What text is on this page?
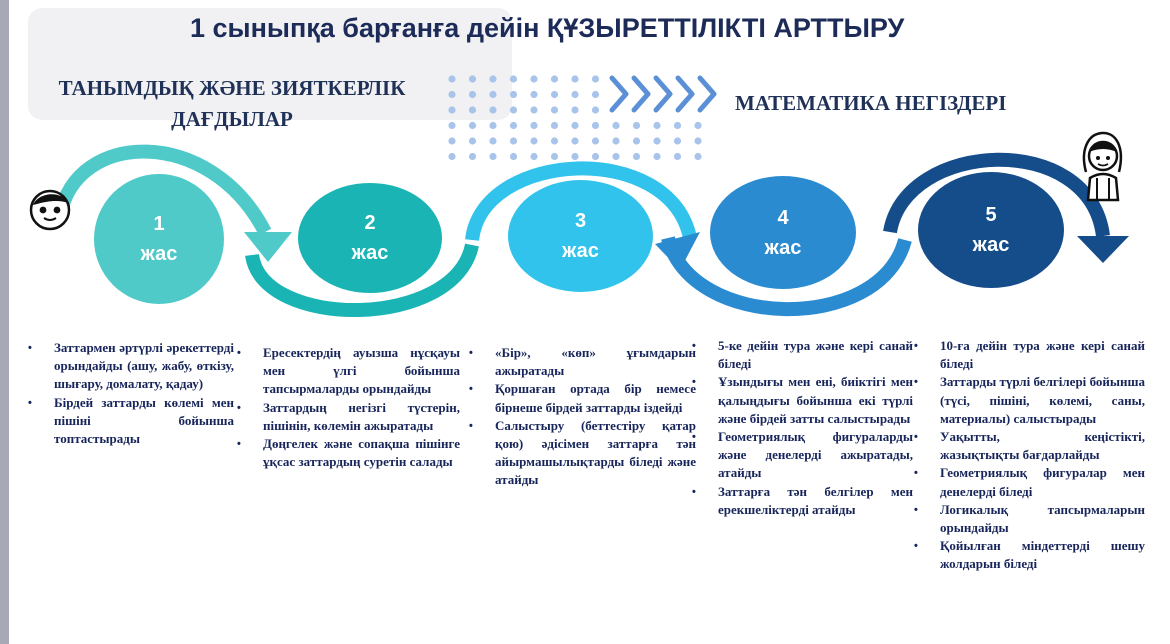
1 сыныпқа барғанға дейін ҚҰЗЫРЕТТІЛІКТІ АРТТЫРУ
ТАНЫМДЫҚ ЖӘНЕ ЗИЯТКЕРЛІК
ДАҒДЫЛАР
МАТЕМАТИКА НЕГІЗДЕРІ
1
жас
2
жас
3
жас
4
жас
5
жас

• Заттармен әртүрлі әрекеттерді орындайды (ашу, жабу, өткізу, шығару, домалату, қадау)

• Бірдей заттарды көлемі мен пішіні бойынша топтастырады

• Ересектердің ауызша нұсқауы мен үлгі бойынша тапсырмаларды орындайды

• Заттардың негізгі түстерін, пішінін, көлемін ажыратады

• Дөңгелек және сопақша пішінге ұқсас заттардың суретін салады

• «Бір», «көп» ұғымдарын ажыратады

• Қоршаған ортада бір немесе бірнеше бірдей заттарды іздейді

• Салыстыру (беттестіру қатар қою) әдісімен заттарға тән айырмашылықтарды біледі және атайды

• 5-ке дейін тура және кері санай біледі

• Ұзындығы мен ені, биіктігі мен қалыңдығы бойынша екі түрлі және бірдей затты салыстырады

• Геометриялық фигураларды және денелерді ажыратады, атайды

• Заттарға тән белгілер мен ерекшеліктерді атайды

• 10-ға дейін тура және кері санай біледі

• Заттарды түрлі белгілері бойынша (түсі, пішіні, көлемі, саны, материалы) салыстырады

• Уақытты, кеңістікті, жазықтықты бағдарлайды

• Геометриялық фигуралар мен денелерді біледі

• Логикалық тапсырмаларын орындайды

• Қойылған міндеттерді шешу жолдарын біледі
